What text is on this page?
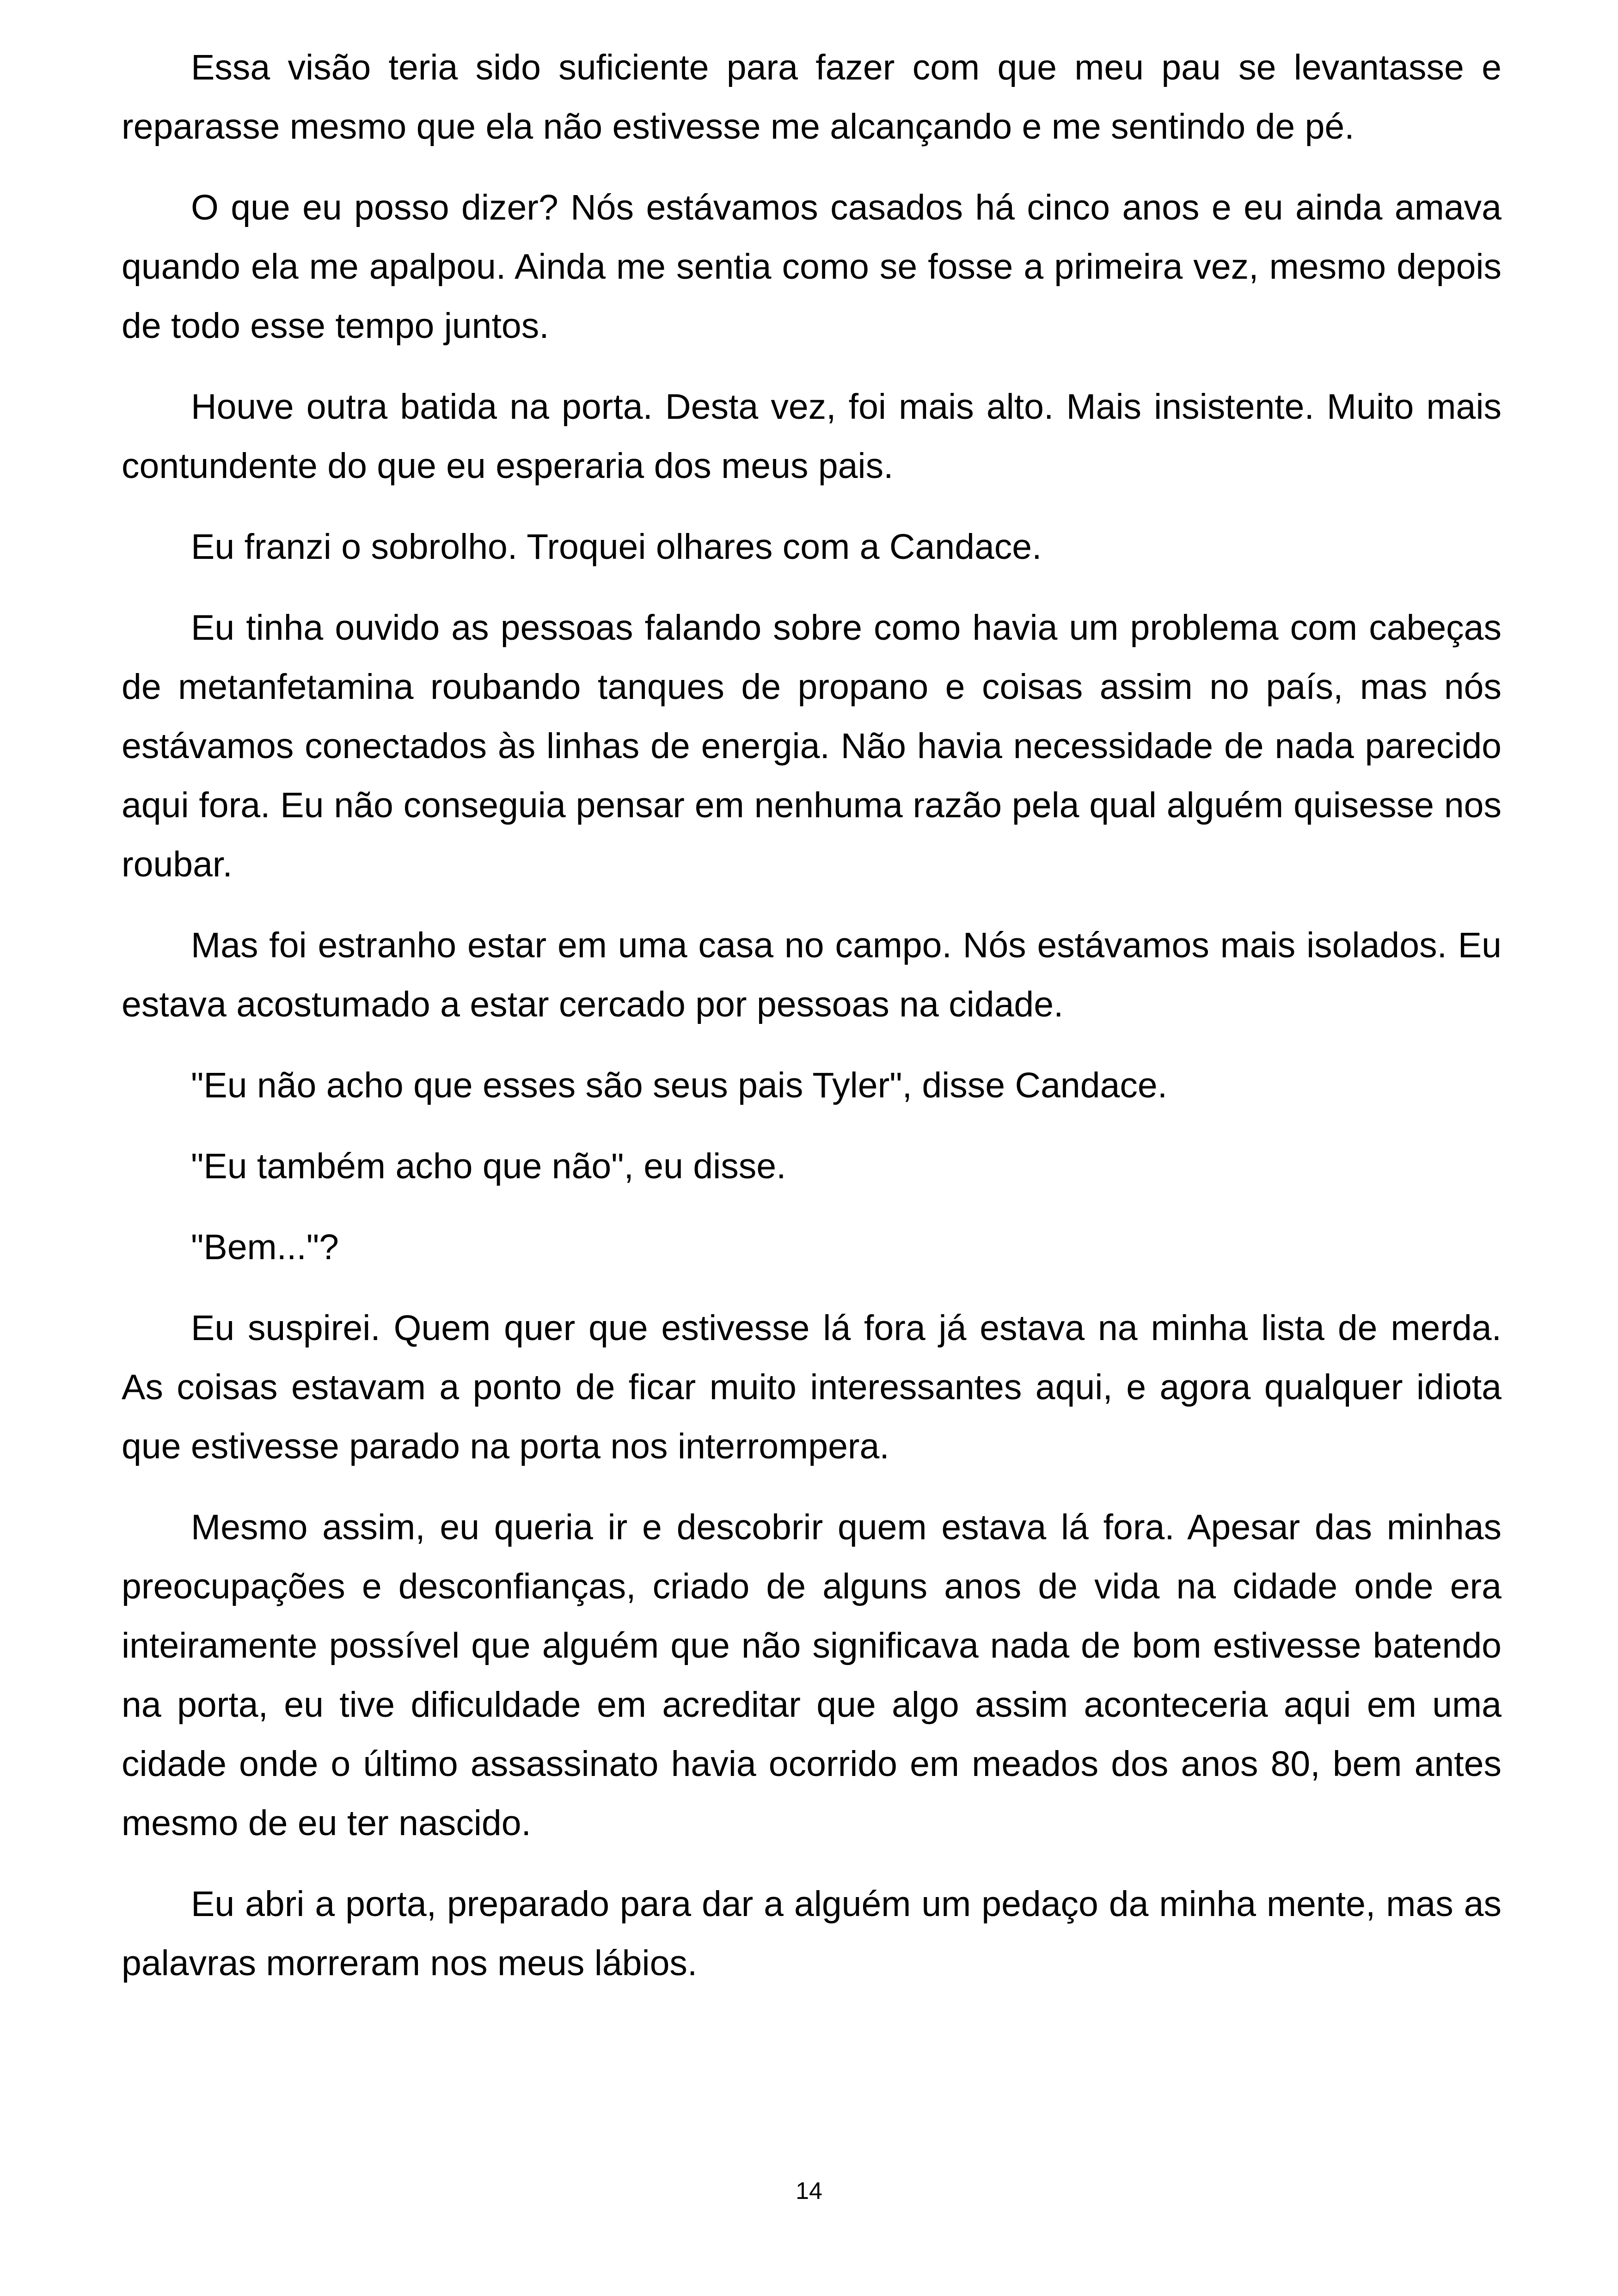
Essa visão teria sido suficiente para fazer com que meu pau se levantasse e reparasse mesmo que ela não estivesse me alcançando e me sentindo de pé.

O que eu posso dizer? Nós estávamos casados há cinco anos e eu ainda amava quando ela me apalpou. Ainda me sentia como se fosse a primeira vez, mesmo depois de todo esse tempo juntos.

Houve outra batida na porta. Desta vez, foi mais alto. Mais insistente. Muito mais contundente do que eu esperaria dos meus pais.

Eu franzi o sobrolho. Troquei olhares com a Candace.

Eu tinha ouvido as pessoas falando sobre como havia um problema com cabeças de metanfetamina roubando tanques de propano e coisas assim no país, mas nós estávamos conectados às linhas de energia. Não havia necessidade de nada parecido aqui fora. Eu não conseguia pensar em nenhuma razão pela qual alguém quisesse nos roubar.

Mas foi estranho estar em uma casa no campo. Nós estávamos mais isolados. Eu estava acostumado a estar cercado por pessoas na cidade.

"Eu não acho que esses são seus pais Tyler", disse Candace.

"Eu também acho que não", eu disse.

"Bem..."?

Eu suspirei. Quem quer que estivesse lá fora já estava na minha lista de merda. As coisas estavam a ponto de ficar muito interessantes aqui, e agora qualquer idiota que estivesse parado na porta nos interrompera.

Mesmo assim, eu queria ir e descobrir quem estava lá fora. Apesar das minhas preocupações e desconfianças, criado de alguns anos de vida na cidade onde era inteiramente possível que alguém que não significava nada de bom estivesse batendo na porta, eu tive dificuldade em acreditar que algo assim aconteceria aqui em uma cidade onde o último assassinato havia ocorrido em meados dos anos 80, bem antes mesmo de eu ter nascido.

Eu abri a porta, preparado para dar a alguém um pedaço da minha mente, mas as palavras morreram nos meus lábios.

14
